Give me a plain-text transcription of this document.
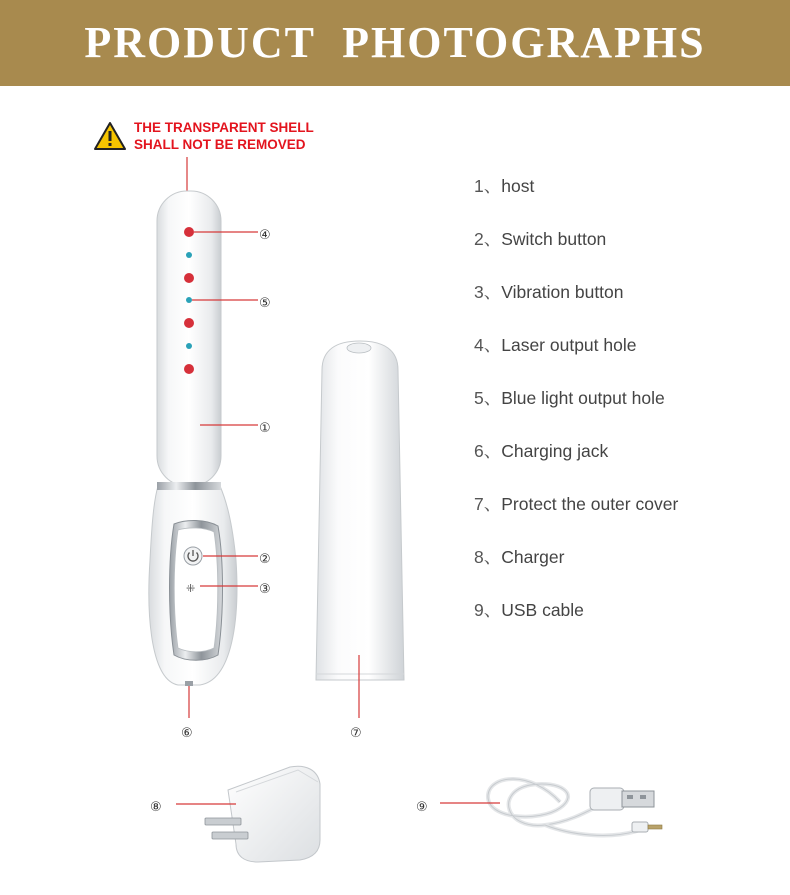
PRODUCT PHOTOGRAPHS
THE TRANSPARENT SHELL
SHALL NOT BE REMOVED
⁜
④
⑤
①
②
③
⑥	⑦
⑧	⑨
1、host
2、Switch button
3、Vibration button
4、Laser output hole
5、Blue light output hole
6、Charging jack
7、Protect the outer cover
8、Charger
9、USB cable
